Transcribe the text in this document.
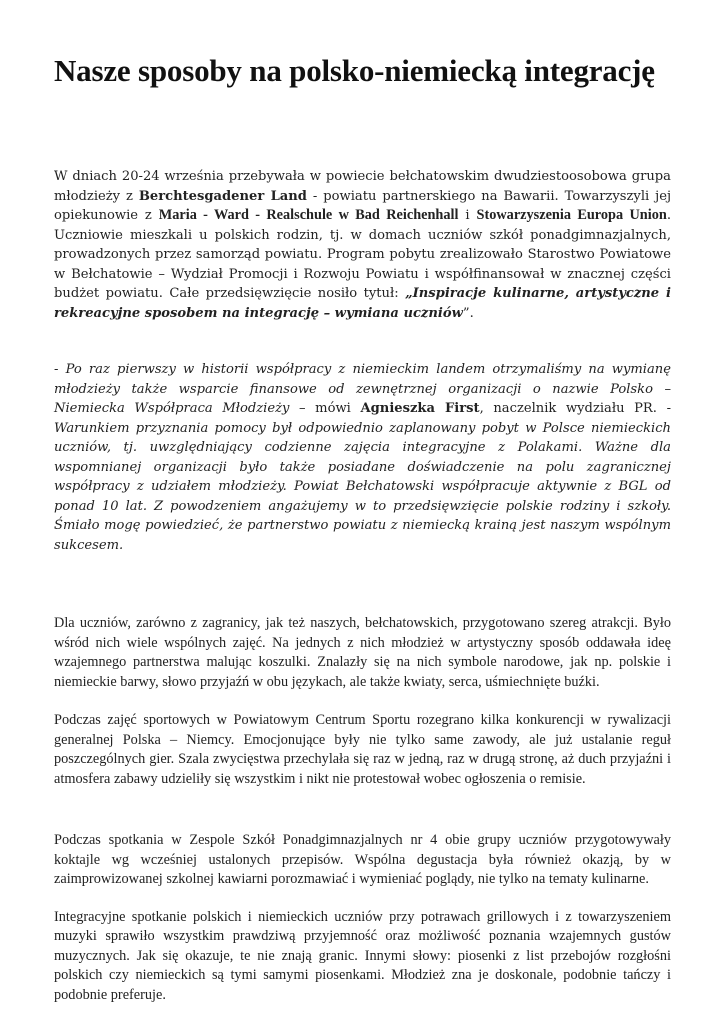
Nasze sposoby na polsko-niemiecką integrację

W dniach 20-24 września przebywała w powiecie bełchatowskim dwudziestoosobowa grupa młodzieży z Berchtesgadener Land - powiatu partnerskiego na Bawarii. Towarzyszyli jej opiekunowie z Maria - Ward - Realschule w Bad Reichenhall i Stowarzyszenia Europa Union. Uczniowie mieszkali u polskich rodzin, tj. w domach uczniów szkół ponadgimnazjalnych, prowadzonych przez samorząd powiatu. Program pobytu zrealizowało Starostwo Powiatowe w Bełchatowie – Wydział Promocji i Rozwoju Powiatu i współfinansował w znacznej części budżet powiatu. Całe przedsięwzięcie nosiło tytuł: „Inspiracje kulinarne, artystyczne i rekreacyjne sposobem na integrację – wymiana uczniów”.

- Po raz pierwszy w historii współpracy z niemieckim landem otrzymaliśmy na wymianę młodzieży także wsparcie finansowe od zewnętrznej organizacji o nazwie Polsko – Niemiecka Współpraca Młodzieży – mówi Agnieszka First, naczelnik wydziału PR. - Warunkiem przyznania pomocy był odpowiednio zaplanowany pobyt w Polsce niemieckich uczniów, tj. uwzględniający codzienne zajęcia integracyjne z Polakami. Ważne dla wspomnianej organizacji było także posiadane doświadczenie na polu zagranicznej współpracy z udziałem młodzieży. Powiat Bełchatowski współpracuje aktywnie z BGL od ponad 10 lat. Z powodzeniem angażujemy w to przedsięwzięcie polskie rodziny i szkoły. Śmiało mogę powiedzieć, że partnerstwo powiatu z niemiecką krainą jest naszym wspólnym sukcesem.

Dla uczniów, zarówno z zagranicy, jak też naszych, bełchatowskich, przygotowano szereg atrakcji. Było wśród nich wiele wspólnych zajęć. Na jednych z nich młodzież w artystyczny sposób oddawała ideę wzajemnego partnerstwa malując koszulki. Znalazły się na nich symbole narodowe, jak np. polskie i niemieckie barwy, słowo przyjaźń w obu językach, ale także kwiaty, serca, uśmiechnięte buźki.

Podczas zajęć sportowych w Powiatowym Centrum Sportu rozegrano kilka konkurencji w rywalizacji generalnej Polska – Niemcy. Emocjonujące były nie tylko same zawody, ale już ustalanie reguł poszczególnych gier. Szala zwycięstwa przechylała się raz w jedną, raz w drugą stronę, aż duch przyjaźni i atmosfera zabawy udzieliły się wszystkim i nikt nie protestował wobec ogłoszenia o remisie.

Podczas spotkania w Zespole Szkół Ponadgimnazjalnych nr 4 obie grupy uczniów przygotowywały koktajle wg wcześniej ustalonych przepisów. Wspólna degustacja była również okazją, by w zaimprowizowanej szkolnej kawiarni porozmawiać i wymieniać poglądy, nie tylko na tematy kulinarne.

Integracyjne spotkanie polskich i niemieckich uczniów przy potrawach grillowych i z towarzyszeniem muzyki sprawiło wszystkim prawdziwą przyjemność oraz możliwość poznania wzajemnych gustów muzycznych. Jak się okazuje, te nie znają granic. Innymi słowy: piosenki z list przebojów rozgłośni polskich czy niemieckich są tymi samymi piosenkami. Młodzież zna je doskonale, podobnie tańczy i podobnie preferuje.
